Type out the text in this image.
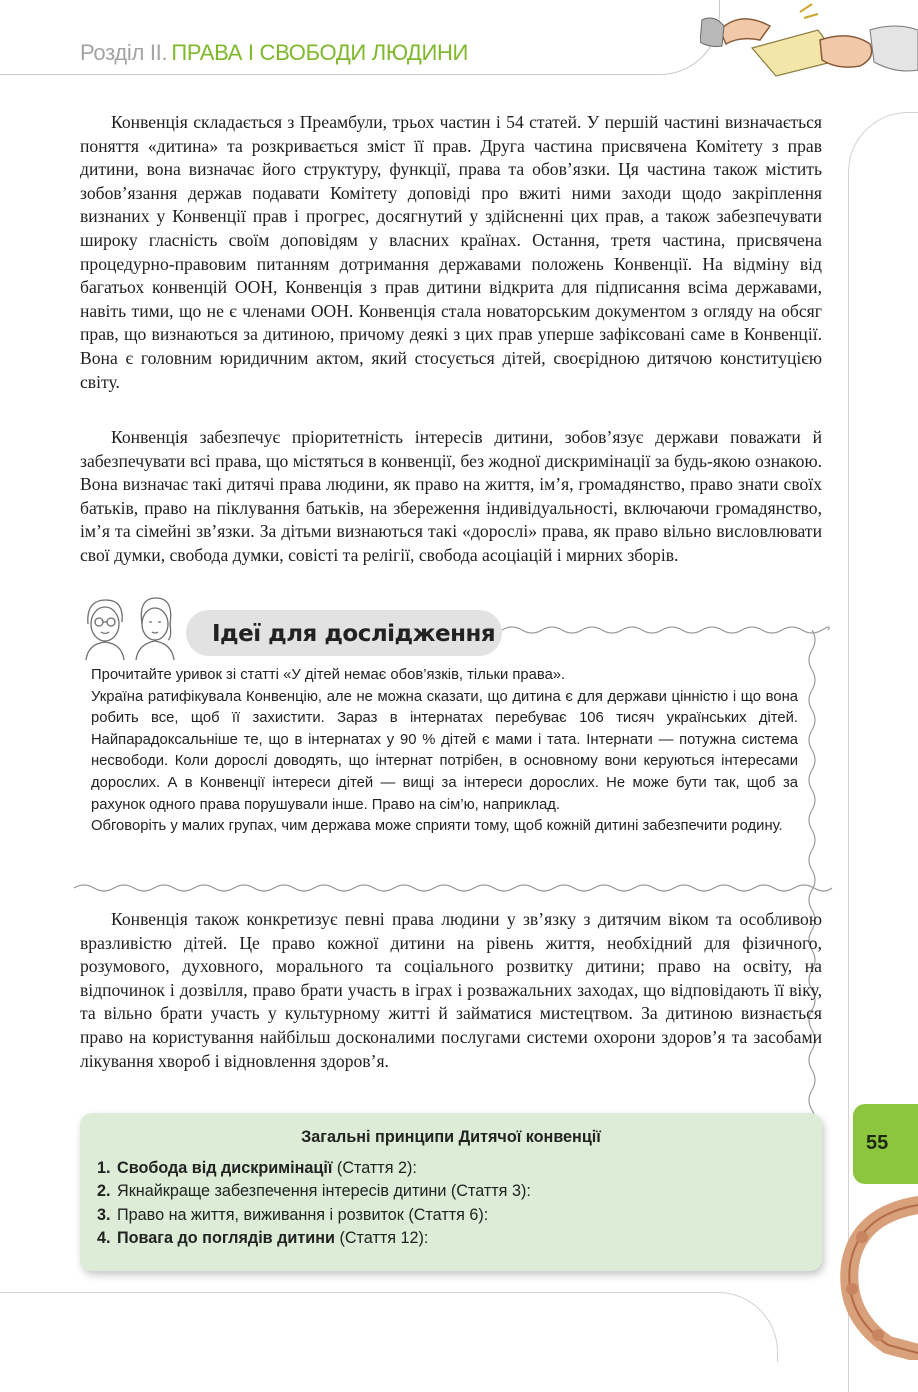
Розділ ІІ. ПРАВА І СВОБОДИ ЛЮДИНИ
55

Конвенція складається з Преамбули, трьох частин і 54 статей. У першій частині визначається поняття «дитина» та розкривається зміст її прав. Друга частина присвячена Комітету з прав дитини, вона визначає його структуру, функції, права та обов’язки. Ця частина також містить зобов’язання держав подавати Комітету доповіді про вжиті ними заходи щодо закріплення визнаних у Конвенції прав і прогрес, досягнутий у здійсненні цих прав, а також забезпечувати широку гласність своїм доповідям у власних країнах. Остання, третя частина, присвячена процедурно-правовим питанням дотримання державами положень Конвенції. На відміну від багатьох конвенцій ООН, Конвенція з прав дитини відкрита для підписання всіма державами, навіть тими, що не є членами ООН. Конвенція стала новаторським документом з огляду на обсяг прав, що визнаються за дитиною, причому деякі з цих прав уперше зафіксовані саме в Конвенції. Вона є головним юридичним актом, який стосується дітей, своєрідною дитячою конституцією світу.

Конвенція забезпечує пріоритетність інтересів дитини, зобов’язує держави поважати й забезпечувати всі права, що містяться в конвенції, без жодної дискримінації за будь-якою ознакою. Вона визначає такі дитячі права людини, як право на життя, ім’я, громадянство, право знати своїх батьків, право на піклування батьків, на збереження індивідуальності, включаючи громадянство, ім’я та сімейні зв’язки. За дітьми визнаються такі «дорослі» права, як право вільно висловлювати свої думки, свобода думки, совісті та релігії, свобода асоціацій і мирних зборів.

Ідеї для дослідження

Прочитайте уривок зі статті «У дітей немає обов’язків, тільки права».

Україна ратифікувала Конвенцію, але не можна сказати, що дитина є для держави цінністю і що вона робить все, щоб її захистити. Зараз в інтернатах перебуває 106 тисяч українських дітей. Найпарадоксальніше те, що в інтернатах у 90 % дітей є мами і тата. Інтернати — потужна система несвободи. Коли дорослі доводять, що інтернат потрібен, в основному вони керуються інтересами дорослих. А в Конвенції інтереси дітей — вищі за інтереси дорослих. Не може бути так, щоб за рахунок одного права порушували інше. Право на сім’ю, наприклад.

Обговоріть у малих групах, чим держава може сприяти тому, щоб кожній дитині забезпечити родину.

Конвенція також конкретизує певні права людини у зв’язку з дитячим віком та особливою вразливістю дітей. Це право кожної дитини на рівень життя, необхідний для фізичного, розумового, духовного, морального та соціального розвитку дитини; право на освіту, на відпочинок і дозвілля, право брати участь в іграх і розважальних заходах, що відповідають її віку, та вільно брати участь у культурному житті й займатися мистецтвом. За дитиною визнається право на користування найбільш досконалими послугами системи охорони здоров’я та засобами лікування хвороб і відновлення здоров’я.

Загальні принципи Дитячої конвенції
1. Свобода від дискримінації (Стаття 2):
2. Якнайкраще забезпечення інтересів дитини (Стаття 3):
3. Право на життя, виживання і розвиток (Стаття 6):
4. Повага до поглядів дитини (Стаття 12):
